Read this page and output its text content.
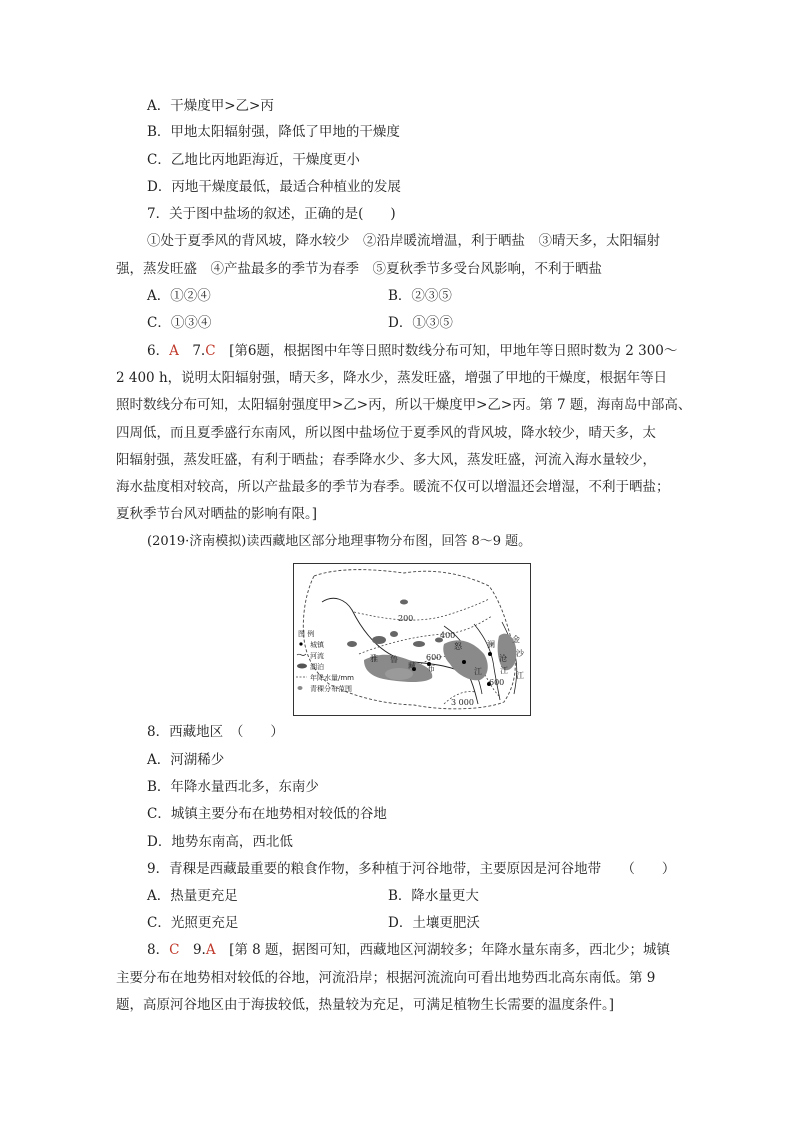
A．干燥度甲>乙>丙
B．甲地太阳辐射强，降低了甲地的干燥度
C．乙地比丙地距海近，干燥度更小
D．丙地干燥度最低，最适合种植业的发展
7．关于图中盐场的叙述，正确的是(　　)
①处于夏季风的背风坡，降水较少　②沿岸暖流增温，利于晒盐　③晴天多，太阳辐射
强，蒸发旺盛　④产盐最多的季节为春季　⑤夏秋季节多受台风影响，不利于晒盐
A．①②④	B．②③⑤
C．①③④	D．①③⑤
6．A　 7.C　 [第6题，根据图中年等日照时数线分布可知，甲地年等日照时数为 2 300～
2 400 h，说明太阳辐射强，晴天多，降水少，蒸发旺盛，增强了甲地的干燥度，根据年等日
照时数线分布可知，太阳辐射强度甲>乙>丙，所以干燥度甲>乙>丙。第 7 题，海南岛中部高、
四周低，而且夏季盛行东南风，所以图中盐场位于夏季风的背风坡，降水较少，晴天多，太
阳辐射强，蒸发旺盛，有利于晒盐；春季降水少、多大风，蒸发旺盛，河流入海水量较少，
海水盐度相对较高，所以产盐最多的季节为春季。暖流不仅可以增温还会增湿，不利于晒盐；
夏秋季节台风对晒盐的影响有限。]
(2019·济南模拟)读西藏地区部分地理事物分布图，回答 8～9 题。
200
400
600
600
3 000
雅 鲁
藏 布
怒
江
澜
沧
江
金
沙
江
图 例
城镇
河流
湖泊
年降水量/mm
青稞分布范围
8．西藏地区　（　　）
A．河湖稀少
B．年降水量西北多，东南少
C．城镇主要分布在地势相对较低的谷地
D．地势东南高，西北低
9．青稞是西藏最重要的粮食作物，多种植于河谷地带，主要原因是河谷地带　　（　　）
A．热量更充足	B．降水量更大
C．光照更充足	D．土壤更肥沃
8．C　 9.A　 [第 8 题，据图可知，西藏地区河湖较多；年降水量东南多，西北少；城镇
主要分布在地势相对较低的谷地，河流沿岸；根据河流流向可看出地势西北高东南低。第 9
题，高原河谷地区由于海拔较低，热量较为充足，可满足植物生长需要的温度条件。]
